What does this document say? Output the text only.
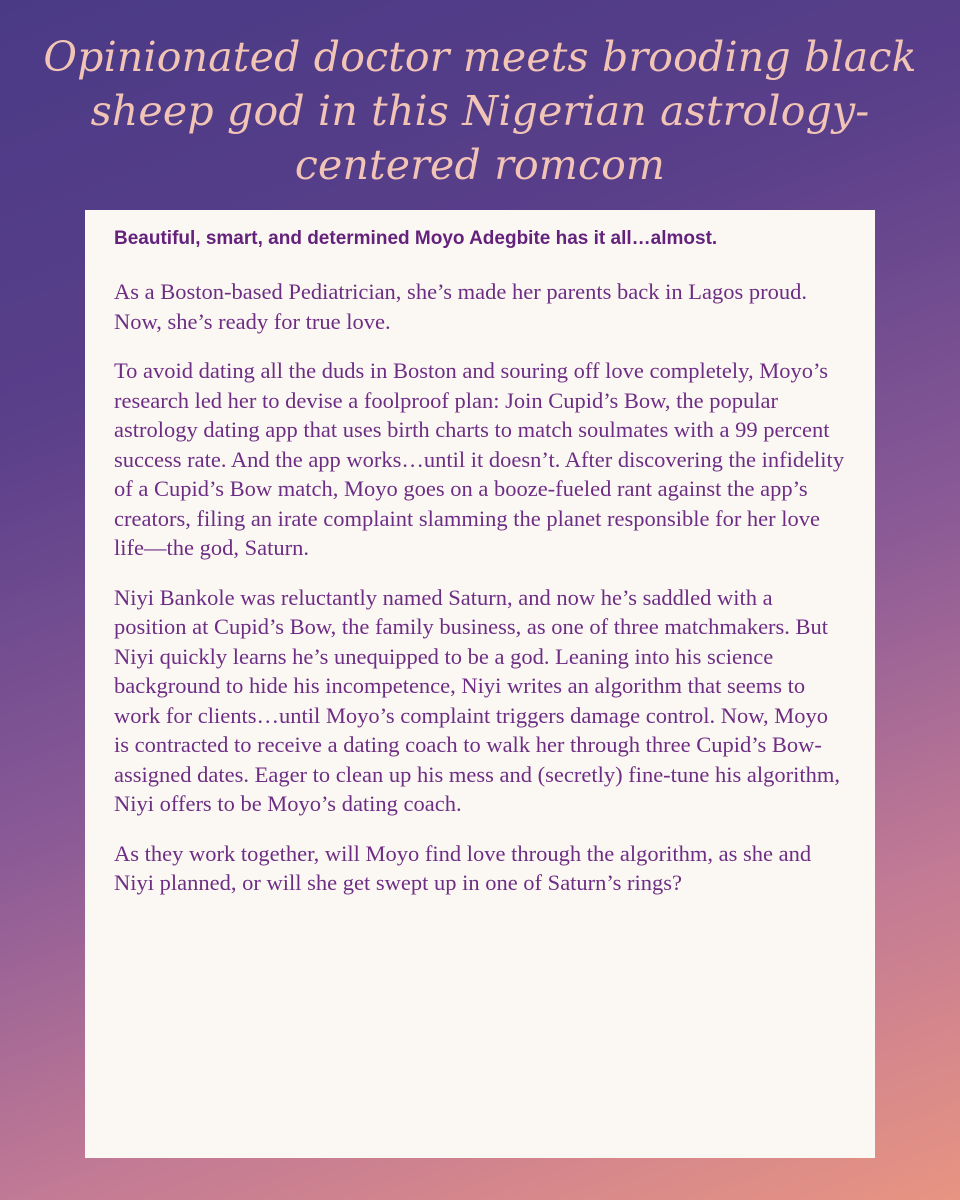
Opinionated doctor meets brooding black sheep god in this Nigerian astrology-centered romcom

Beautiful, smart, and determined Moyo Adegbite has it all…almost.

As a Boston-based Pediatrician, she’s made her parents back in Lagos proud. Now, she’s ready for true love.

To avoid dating all the duds in Boston and souring off love completely, Moyo’s research led her to devise a foolproof plan: Join Cupid’s Bow, the popular astrology dating app that uses birth charts to match soulmates with a 99 percent success rate. And the app works…until it doesn’t. After discovering the infidelity of a Cupid’s Bow match, Moyo goes on a booze-fueled rant against the app’s creators, filing an irate complaint slamming the planet responsible for her love life—the god, Saturn.

Niyi Bankole was reluctantly named Saturn, and now he’s saddled with a position at Cupid’s Bow, the family business, as one of three matchmakers. But Niyi quickly learns he’s unequipped to be a god. Leaning into his science background to hide his incompetence, Niyi writes an algorithm that seems to work for clients…until Moyo’s complaint triggers damage control. Now, Moyo is contracted to receive a dating coach to walk her through three Cupid’s Bow-assigned dates. Eager to clean up his mess and (secretly) fine-tune his algorithm, Niyi offers to be Moyo’s dating coach.

As they work together, will Moyo find love through the algorithm, as she and Niyi planned, or will she get swept up in one of Saturn’s rings?
